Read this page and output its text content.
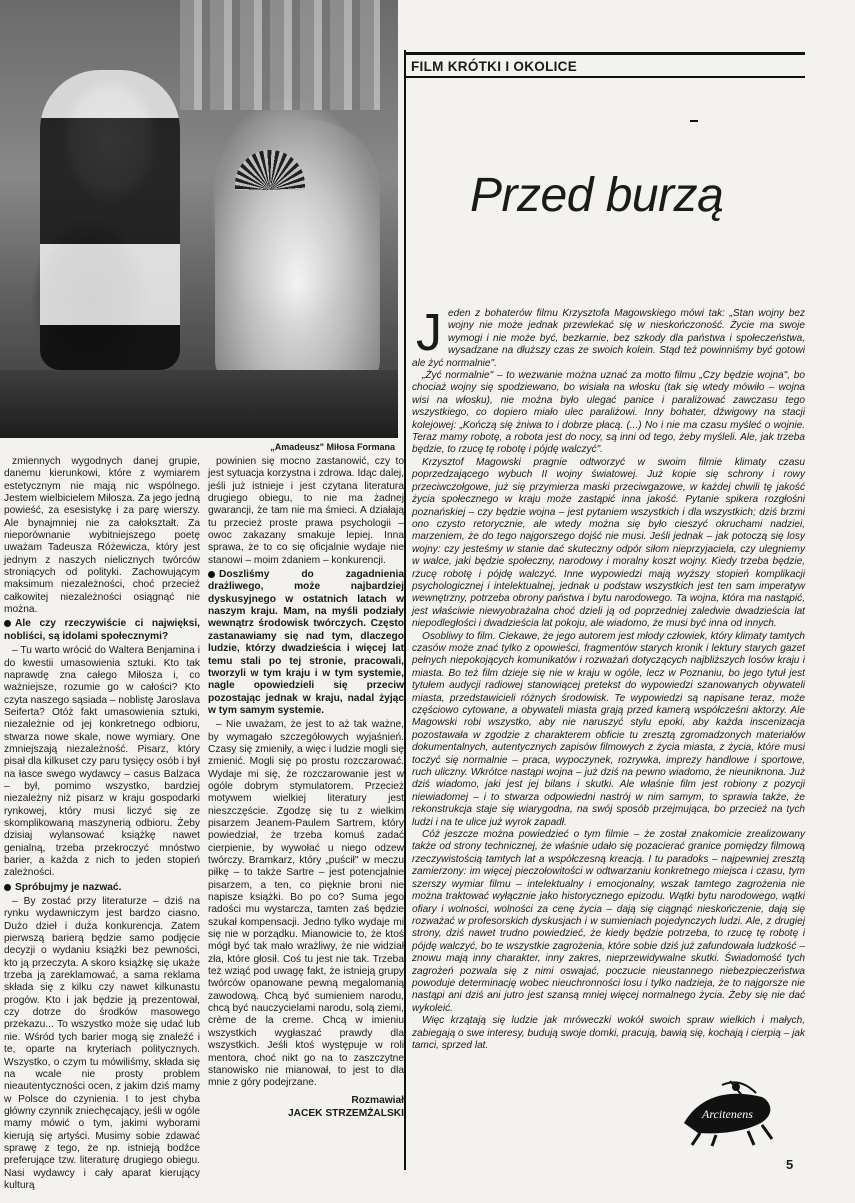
„Amadeusz" Miłosa Formana
FILM KRÓTKI I OKOLICE
Przed burzą

Jeden z bohaterów filmu Krzysztofa Magowskiego mówi tak: „Stan wojny bez wojny nie może jednak przewlekać się w nieskończoność. Życie ma swoje wymogi i nie może być, bezkarnie, bez szkody dla państwa i społeczeństwa, wysadzane na dłuższy czas ze swoich kolein. Stąd też powinniśmy być gotowi ale żyć normalnie".

„Żyć normalnie" – to wezwanie można uznać za motto filmu „Czy będzie wojna", bo chociaż wojny się spodziewano, bo wisiała na włosku (tak się wtedy mówiło – wojna wisi na włosku), nie można było ulegać panice i paraliżować zawczasu tego wszystkiego, co dopiero miało ulec paraliżowi. Inny bohater, dźwigowy na stacji kolejowej: „Kończą się żniwa to i dobrze płacą. (...) No i nie ma czasu myśleć o wojnie. Teraz mamy robotę, a robota jest do nocy, są inni od tego, żeby myśleli. Ale, jak trzeba będzie, to rzucę tę robotę i pójdę walczyć".

Krzysztof Magowski pragnie odtworzyć w swoim filmie klimaty czasu poprzedzającego wybuch II wojny światowej. Już kopie się schrony i rowy przeciwczołgowe, już się przymierza maski przeciwgazowe, w każdej chwili tę jakość życia społecznego w kraju może zastąpić inna jakość. Pytanie spikera rozgłośni poznańskiej – czy będzie wojna – jest pytaniem wszystkich i dla wszystkich; dziś brzmi ono czysto retorycznie, ale wtedy można się było cieszyć okruchami nadziei, marzeniem, że do tego najgorszego dojść nie musi. Jeśli jednak – jak potoczą się losy wojny: czy jesteśmy w stanie dać skuteczny odpór siłom nieprzyjaciela, czy ulegniemy w walce, jaki będzie społeczny, narodowy i moralny koszt wojny. Kiedy trzeba będzie, rzucę robotę i pójdę walczyć. Inne wypowiedzi mają wyższy stopień komplikacji psychologicznej i intelektualnej, jednak u podstaw wszystkich jest ten sam imperatyw wewnętrzny, potrzeba obrony państwa i bytu narodowego. Ta wojna, która ma nastąpić, jest właściwie niewyobrażalna choć dzieli ją od poprzedniej zaledwie dwadzieścia lat niepodległości i dwadzieścia lat pokoju, ale wiadomo, że musi być inna od innych.

Osobliwy to film. Ciekawe, że jego autorem jest młody człowiek, który klimaty tamtych czasów może znać tylko z opowieści, fragmentów starych kronik i lektury starych gazet pełnych niepokojących komunikatów i rozważań dotyczących najbliższych losów kraju i miasta. Bo też film dzieje się nie w kraju w ogóle, lecz w Poznaniu, bo jego tytuł jest tytułem audycji radiowej stanowiącej pretekst do wypowiedzi szanowanych obywateli miasta, przedstawicieli różnych środowisk. Te wypowiedzi są napisane teraz, może częściowo cytowane, a obywateli miasta grają przed kamerą współcześni aktorzy. Ale Magowski robi wszystko, aby nie naruszyć stylu epoki, aby każda inscenizacja pozostawała w zgodzie z charakterem obficie tu zresztą zgromadzonych materiałów dokumentalnych, autentycznych zapisów filmowych z życia miasta, z życia, które musi toczyć się normalnie – praca, wypoczynek, rozrywka, imprezy handlowe i sportowe, ruch uliczny. Wkrótce nastąpi wojna – już dziś na pewno wiadomo, że nieuniknona. Już dziś wiadomo, jaki jest jej bilans i skutki. Ale właśnie film jest robiony z pozycji niewiadomej – i to stwarza odpowiedni nastrój w nim samym, to sprawia także, że rekonstrukcja staje się wiarygodna, na swój sposób przejmująca, bo przecież na tych ludzi i na te ulice już wyrok zapadł.

Cóż jeszcze można powiedzieć o tym filmie – że został znakomicie zrealizowany także od strony technicznej, że właśnie udało się pozacierać granice pomiędzy filmową rzeczywistością tamtych lat a współczesną kreacją. I tu paradoks – najpewniej zresztą zamierzony: im więcej pieczołowitości w odtwarzaniu konkretnego miejsca i czasu, tym szerszy wymiar filmu – intelektualny i emocjonalny, wszak tamtego zagrożenia nie można traktować wyłącznie jako historycznego epizodu. Wątki bytu narodowego, wątki ofiary i wolności, wolności za cenę życia – dają się ciągnąć nieskończenie, dają się rozważać w profesorskich dyskusjach i w sumieniach pojedynczych ludzi. Ale, z drugiej strony, dziś nawet trudno powiedzieć, że kiedy będzie potrzeba, to rzucę tę robotę i pójdę walczyć, bo te wszystkie zagrożenia, które sobie dziś już zafundowała ludzkość – znowu mają inny charakter, inny zakres, nieprzewidywalne skutki. Świadomość tych zagrożeń pozwala się z nimi oswajać, poczucie nieustannego niebezpieczeństwa powoduje determinację wobec nieuchronności losu i tylko nadzieja, że to najgorsze nie nastąpi ani dziś ani jutro jest szansą mniej więcej normalnego życia. Żeby się nie dać wykoleić.

Więc krzątają się ludzie jak mróweczki wokół swoich spraw wielkich i małych, zabiegają o swe interesy, budują swoje domki, pracują, bawią się, kochają i cierpią – jak tamci, sprzed lat.

zmiennych wygodnych danej grupie, danemu kierunkowi, które z wymiarem estetycznym nie mają nic wspólnego. Jestem wielbicielem Miłosza. Za jego jedną powieść, za esesistykę i za parę wierszy. Ale bynajmniej nie za całokształt. Za nieporównanie wybitniejszego poetę uważam Tadeusza Różewicza, który jest jednym z naszych nielicznych twórców stroniących od polityki. Zachowującym maksimum niezależności, choć przecież całkowitej niezależności osiągnąć nie można.

Ale czy rzeczywiście ci najwięksi, nobliści, są idolami społecznymi?

– Tu warto wrócić do Waltera Benjamina i do kwestii umasowienia sztuki. Kto tak naprawdę zna całego Miłosza i, co ważniejsze, rozumie go w całości? Kto czyta naszego sąsiada – noblistę Jaroslava Seiferta? Otóż fakt umasowienia sztuki, niezależnie od jej konkretnego odbioru, stwarza nowe skale, nowe wymiary. One zmniejszają niezależność. Pisarz, który pisał dla kilkuset czy paru tysięcy osób i był na łasce swego wydawcy – casus Balzaca – był, pomimo wszystko, bardziej niezależny niż pisarz w kraju gospodarki rynkowej, który musi liczyć się ze skomplikowaną maszynerią odbioru. Żeby dzisiaj wylansować książkę nawet genialną, trzeba przekroczyć mnóstwo barier, a każda z nich to jeden stopień zależności.

Spróbujmy je nazwać.

– By zostać przy literaturze – dziś na rynku wydawniczym jest bardzo ciasno. Dużo dzieł i duża konkurencja. Zatem pierwszą barierą będzie samo podjęcie decyzji o wydaniu książki bez pewności, kto ją przeczyta. A skoro książkę się ukaże trzeba ją zareklamować, a sama reklama składa się z kilku czy nawet kilkunastu progów. Kto i jak będzie ją prezentował, czy dotrze do środków masowego przekazu... To wszystko może się udać lub nie. Wśród tych barier mogą się znaleźć i te, oparte na kryteriach politycznych. Wszystko, o czym tu mówiliśmy, składa się na wcale nie prosty problem nieautentyczności ocen, z jakim dziś mamy w Polsce do czynienia. I to jest chyba główny czynnik zniechęcający, jeśli w ogóle mamy mówić o tym, jakimi wyborami kierują się artyści. Musimy sobie zdawać sprawę z tego, że np. istnieją bodźce preferujące tzw. literaturę drugiego obiegu. Nasi wydawcy i cały aparat kierujący kulturą

powinien się mocno zastanowić, czy to jest sytuacja korzystna i zdrowa. Idąc dalej, jeśli już istnieje i jest czytana literatura drugiego obiegu, to nie ma żadnej gwarancji, że tam nie ma śmieci. A działają tu przecież proste prawa psychologii – owoc zakazany smakuje lepiej. Inna sprawa, że to co się oficjalnie wydaje nie stanowi – moim zdaniem – konkurencji.

Doszliśmy do zagadnienia drażliwego, może najbardziej dyskusyjnego w ostatnich latach w naszym kraju. Mam, na myśli podziały wewnątrz środowisk twórczych. Często zastanawiamy się nad tym, dlaczego ludzie, którzy dwadzieścia i więcej lat temu stali po tej stronie, pracowali, tworzyli w tym kraju i w tym systemie, nagle opowiedzieli się przeciw pozostając jednak w kraju, nadal żyjąc w tym samym systemie.

– Nie uważam, że jest to aż tak ważne, by wymagało szczegółowych wyjaśnień. Czasy się zmieniły, a więc i ludzie mogli się zmienić. Mogli się po prostu rozczarować. Wydaje mi się, że rozczarowanie jest w ogóle dobrym stymulatorem. Przecież motywem wielkiej literatury jest nieszczęście. Zgodzę się tu z wielkim pisarzem Jeanem-Paulem Sartrem, który powiedział, że trzeba komuś zadać cierpienie, by wywołać u niego odzew twórczy. Bramkarz, który „puścił" w meczu piłkę – to także Sartre – jest potencjalnie pisarzem, a ten, co pięknie broni nie napisze książki. Bo po co? Suma jego radości mu wystarcza, tamten zaś będzie szukał kompensacji. Jedno tylko wydaje mi się nie w porządku. Mianowicie to, że ktoś mógł być tak mało wrażliwy, że nie widział zła, które głosił. Coś tu jest nie tak. Trzeba też wziąć pod uwagę fakt, że istnieją grupy twórców opanowane pewną megalomanią zawodową. Chcą być sumieniem narodu, chcą być nauczycielami narodu, solą ziemi, crème de la creme. Chcą w imieniu wszystkich wygłaszać prawdy dla wszystkich. Jeśli ktoś występuje w roli mentora, choć nikt go na to zaszczytne stanowisko nie mianował, to jest to dla mnie z góry podejrzane.

Rozmawiał
JACEK STRZEMŻALSKI	Arcitenens
5
